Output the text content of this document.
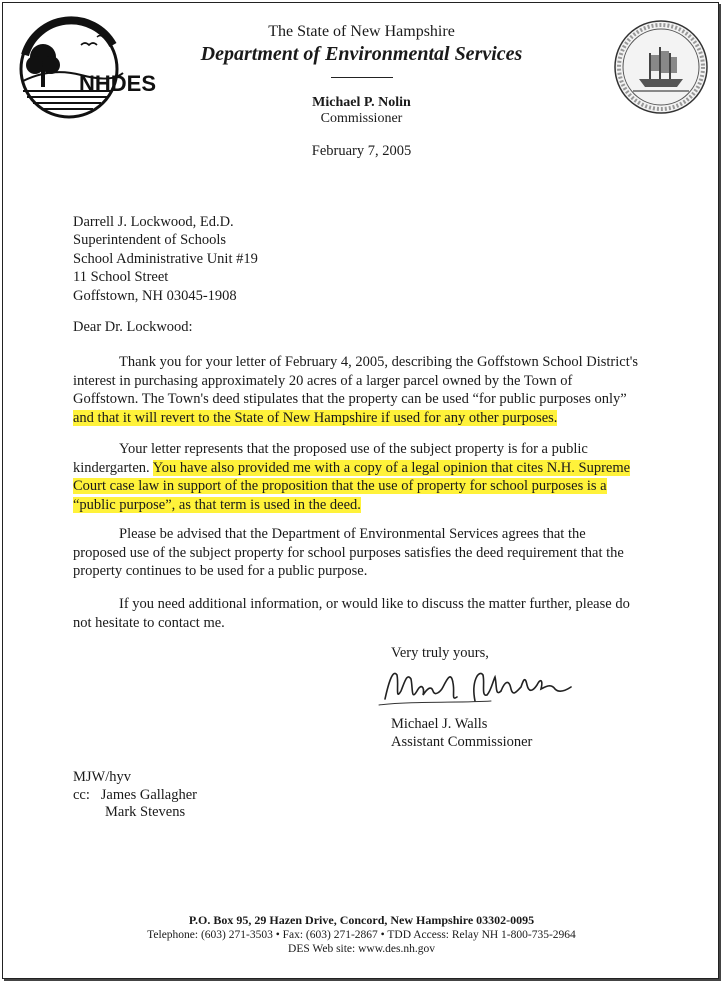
NHDES
The State of New Hampshire
Department of Environmental Services
Michael P. Nolin
Commissioner
February 7, 2005
Darrell J. Lockwood, Ed.D.
Superintendent of Schools
School Administrative Unit #19
11 School Street
Goffstown, NH 03045-1908
Dear Dr. Lockwood:

Thank you for your letter of February 4, 2005, describing the Goffstown School District's
interest in purchasing approximately 20 acres of a larger parcel owned by the Town of
Goffstown. The Town's deed stipulates that the property can be used “for public purposes only”
and that it will revert to the State of New Hampshire if used for any other purposes.

Your letter represents that the proposed use of the subject property is for a public
kindergarten. You have also provided me with a copy of a legal opinion that cites N.H. Supreme
Court case law in support of the proposition that the use of property for school purposes is a
“public purpose”, as that term is used in the deed.

Please be advised that the Department of Environmental Services agrees that the
proposed use of the subject property for school purposes satisfies the deed requirement that the
property continues to be used for a public purpose.

If you need additional information, or would like to discuss the matter further, please do
not hesitate to contact me.

Very truly yours,
Michael J. Walls
Assistant Commissioner
MJW/hyv
cc: James Gallagher
Mark Stevens
P.O. Box 95, 29 Hazen Drive, Concord, New Hampshire 03302-0095
Telephone: (603) 271-3503 • Fax: (603) 271-2867 • TDD Access: Relay NH 1-800-735-2964
DES Web site: www.des.nh.gov
